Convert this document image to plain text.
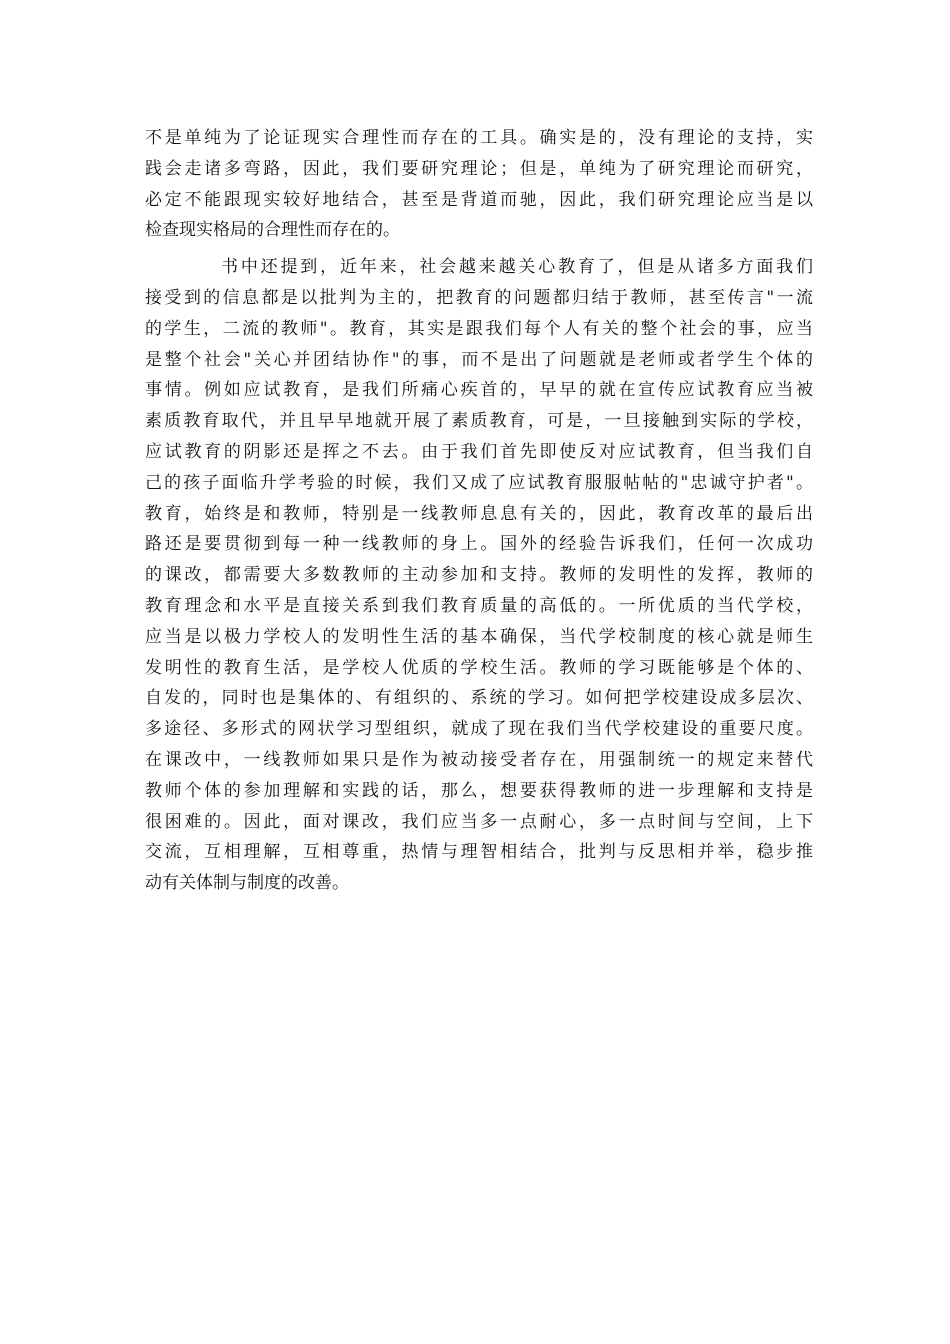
不是单纯为了论证现实合理性而存在的工具。确实是的，没有理论的支持，实
践会走诸多弯路，因此，我们要研究理论；但是，单纯为了研究理论而研究，
必定不能跟现实较好地结合，甚至是背道而驰，因此，我们研究理论应当是以
检查现实格局的合理性而存在的。
书中还提到，近年来，社会越来越关心教育了，但是从诸多方面我们
接受到的信息都是以批判为主的，把教育的问题都归结于教师，甚至传言"一流
的学生，二流的教师"。教育，其实是跟我们每个人有关的整个社会的事，应当
是整个社会"关心并团结协作"的事，而不是出了问题就是老师或者学生个体的
事情。例如应试教育，是我们所痛心疾首的，早早的就在宣传应试教育应当被
素质教育取代，并且早早地就开展了素质教育，可是，一旦接触到实际的学校，
应试教育的阴影还是挥之不去。由于我们首先即使反对应试教育，但当我们自
己的孩子面临升学考验的时候，我们又成了应试教育服服帖帖的"忠诚守护者"。
教育，始终是和教师，特别是一线教师息息有关的，因此，教育改革的最后出
路还是要贯彻到每一种一线教师的身上。国外的经验告诉我们，任何一次成功
的课改，都需要大多数教师的主动参加和支持。教师的发明性的发挥，教师的
教育理念和水平是直接关系到我们教育质量的高低的。一所优质的当代学校，
应当是以极力学校人的发明性生活的基本确保，当代学校制度的核心就是师生
发明性的教育生活，是学校人优质的学校生活。教师的学习既能够是个体的、
自发的，同时也是集体的、有组织的、系统的学习。如何把学校建设成多层次、
多途径、多形式的网状学习型组织，就成了现在我们当代学校建设的重要尺度。
在课改中，一线教师如果只是作为被动接受者存在，用强制统一的规定来替代
教师个体的参加理解和实践的话，那么，想要获得教师的进一步理解和支持是
很困难的。因此，面对课改，我们应当多一点耐心，多一点时间与空间，上下
交流，互相理解，互相尊重，热情与理智相结合，批判与反思相并举，稳步推
动有关体制与制度的改善。
